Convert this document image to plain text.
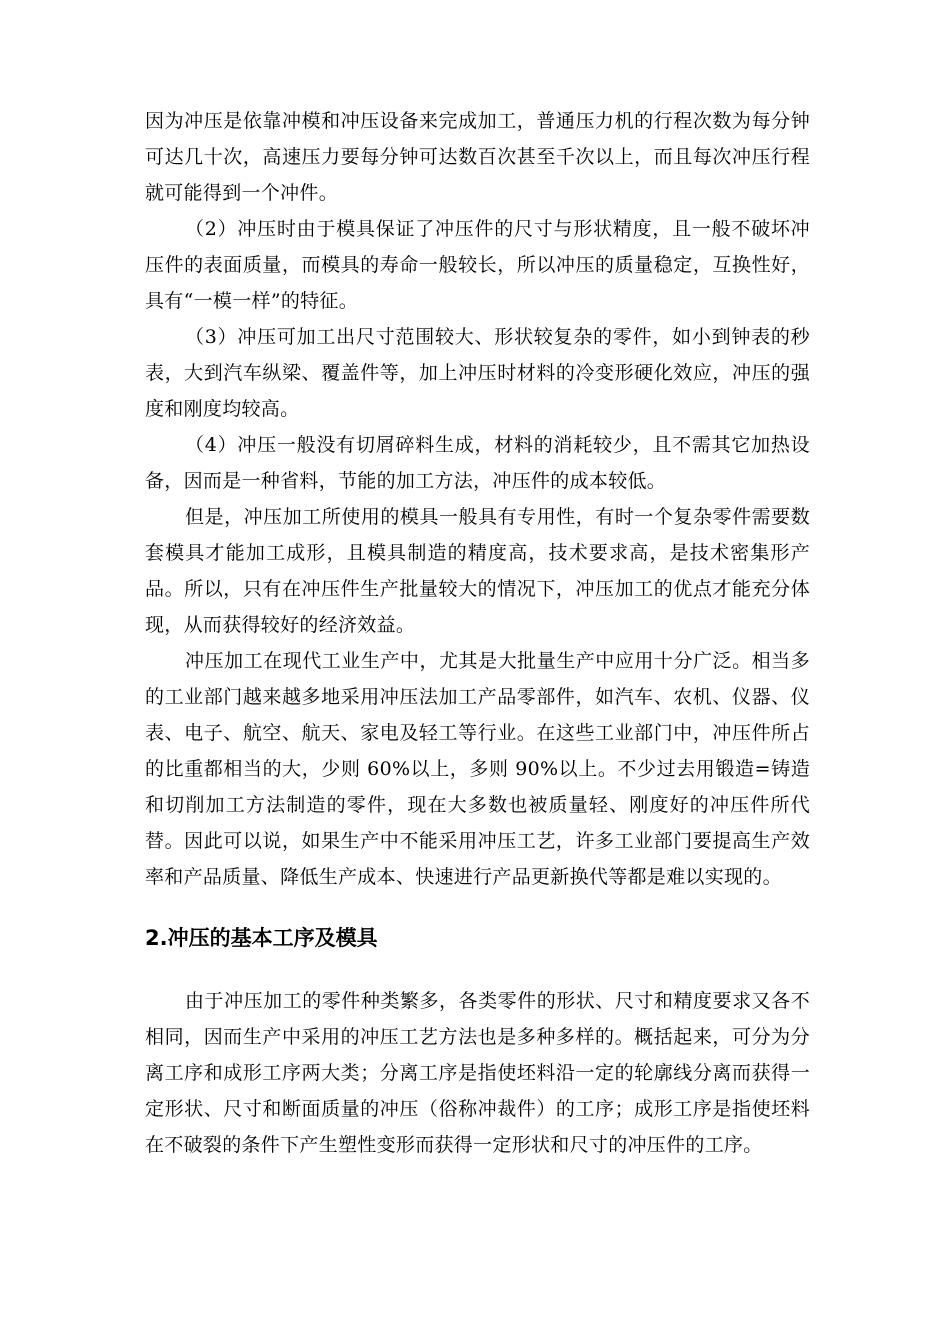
因为冲压是依靠冲模和冲压设备来完成加工，普通压力机的行程次数为每分钟可达几十次，高速压力要每分钟可达数百次甚至千次以上，而且每次冲压行程就可能得到一个冲件。

（2）冲压时由于模具保证了冲压件的尺寸与形状精度，且一般不破坏冲压件的表面质量，而模具的寿命一般较长，所以冲压的质量稳定，互换性好，具有“一模一样”的特征。

（3）冲压可加工出尺寸范围较大、形状较复杂的零件，如小到钟表的秒表，大到汽车纵梁、覆盖件等，加上冲压时材料的冷变形硬化效应，冲压的强度和刚度均较高。

（4）冲压一般没有切屑碎料生成，材料的消耗较少，且不需其它加热设备，因而是一种省料，节能的加工方法，冲压件的成本较低。

但是，冲压加工所使用的模具一般具有专用性，有时一个复杂零件需要数套模具才能加工成形，且模具制造的精度高，技术要求高，是技术密集形产品。所以，只有在冲压件生产批量较大的情况下，冲压加工的优点才能充分体现，从而获得较好的经济效益。

冲压加工在现代工业生产中，尤其是大批量生产中应用十分广泛。相当多的工业部门越来越多地采用冲压法加工产品零部件，如汽车、农机、仪器、仪表、电子、航空、航天、家电及轻工等行业。在这些工业部门中，冲压件所占的比重都相当的大，少则 60%以上，多则 90%以上。不少过去用锻造=铸造和切削加工方法制造的零件，现在大多数也被质量轻、刚度好的冲压件所代替。因此可以说，如果生产中不能采用冲压工艺，许多工业部门要提高生产效率和产品质量、降低生产成本、快速进行产品更新换代等都是难以实现的。

2.冲压的基本工序及模具

由于冲压加工的零件种类繁多，各类零件的形状、尺寸和精度要求又各不相同，因而生产中采用的冲压工艺方法也是多种多样的。概括起来，可分为分离工序和成形工序两大类；分离工序是指使坯料沿一定的轮廓线分离而获得一定形状、尺寸和断面质量的冲压（俗称冲裁件）的工序；成形工序是指使坯料在不破裂的条件下产生塑性变形而获得一定形状和尺寸的冲压件的工序。
